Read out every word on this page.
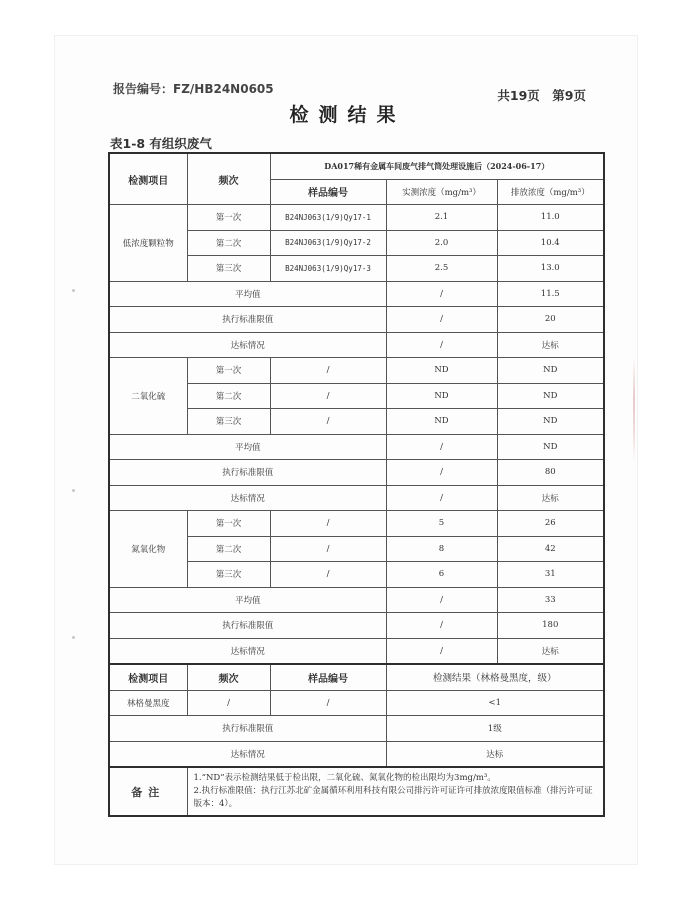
报告编号：FZ/HB24N0605	共19页　第9页
检测结果
表1-8 有组织废气
检测项目	频次	DA017稀有金属车间废气排气筒处理设施后（2024-06-17）		
		样品编号	实测浓度（mg/m³）	排放浓度（mg/m³）
低浓度颗粒物	第一次	B24NJ063(1/9)Qy17-1	2.1	11.0
	第二次	B24NJ063(1/9)Qy17-2	2.0	10.4
	第三次	B24NJ063(1/9)Qy17-3	2.5	13.0
平均值			/	11.5
执行标准限值			/	20
达标情况			/	达标
二氧化硫	第一次	/	ND	ND
	第二次	/	ND	ND
	第三次	/	ND	ND
平均值			/	ND
执行标准限值			/	80
达标情况			/	达标
氮氧化物	第一次	/	5	26
	第二次	/	8	42
	第三次	/	6	31
平均值			/	33
执行标准限值			/	180
达标情况			/	达标
检测项目	频次	样品编号	检测结果（林格曼黑度，级）	
林格曼黑度	/	/	<1	
执行标准限值			1级	
达标情况			达标	
备注	1.“ND”表示检测结果低于检出限，二氧化硫、氮氧化物的检出限均为3mg/m³。
2.执行标准限值：执行江苏北矿金属循环利用科技有限公司排污许可证许可排放浓度限值标准（排污许可证版本：4）。			
